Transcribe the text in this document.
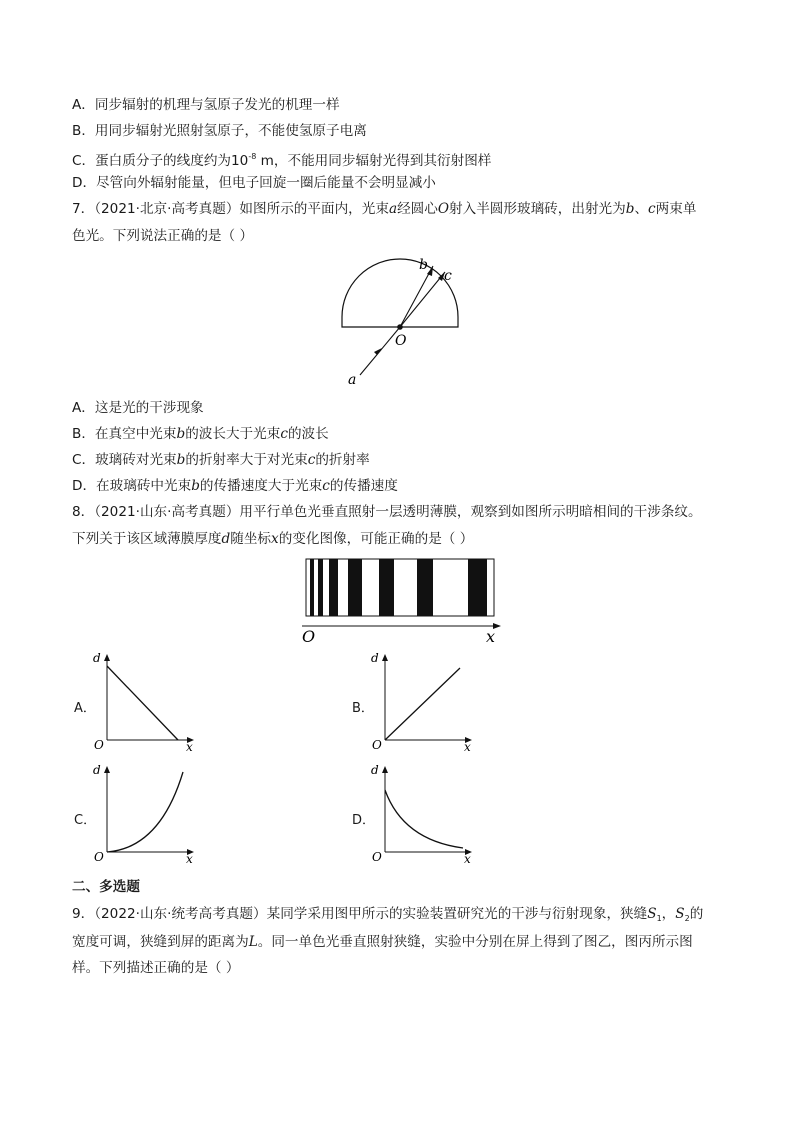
A．同步辐射的机理与氢原子发光的机理一样
B．用同步辐射光照射氢原子，不能使氢原子电离
C．蛋白质分子的线度约为$10^{-8}$ m，不能用同步辐射光得到其衍射图样
D．尽管向外辐射能量，但电子回旋一圈后能量不会明显减小
7．（2021·北京·高考真题）如图所示的平面内，光束a经圆心O射入半圆形玻璃砖，出射光为b、c两束单
色光。下列说法正确的是（ ）
O
a
b
c
A．这是光的干涉现象
B．在真空中光束b的波长大于光束c的波长
C．玻璃砖对光束b的折射率大于对光束c的折射率
D．在玻璃砖中光束b的传播速度大于光束c的传播速度
8．（2021·山东·高考真题）用平行单色光垂直照射一层透明薄膜，观察到如图所示明暗相间的干涉条纹。
下列关于该区域薄膜厚度d随坐标x的变化图像，可能正确的是（ ）
O	x
A．	B．
C．	D．
d
O	x
d
O	x
d
O	x
d
O	x
二、多选题
9．（2022·山东·统考高考真题）某同学采用图甲所示的实验装置研究光的干涉与衍射现象，狭缝$S_1$，$S_2$的
宽度可调，狭缝到屏的距离为L。同一单色光垂直照射狭缝，实验中分别在屏上得到了图乙，图丙所示图
样。下列描述正确的是（ ）
